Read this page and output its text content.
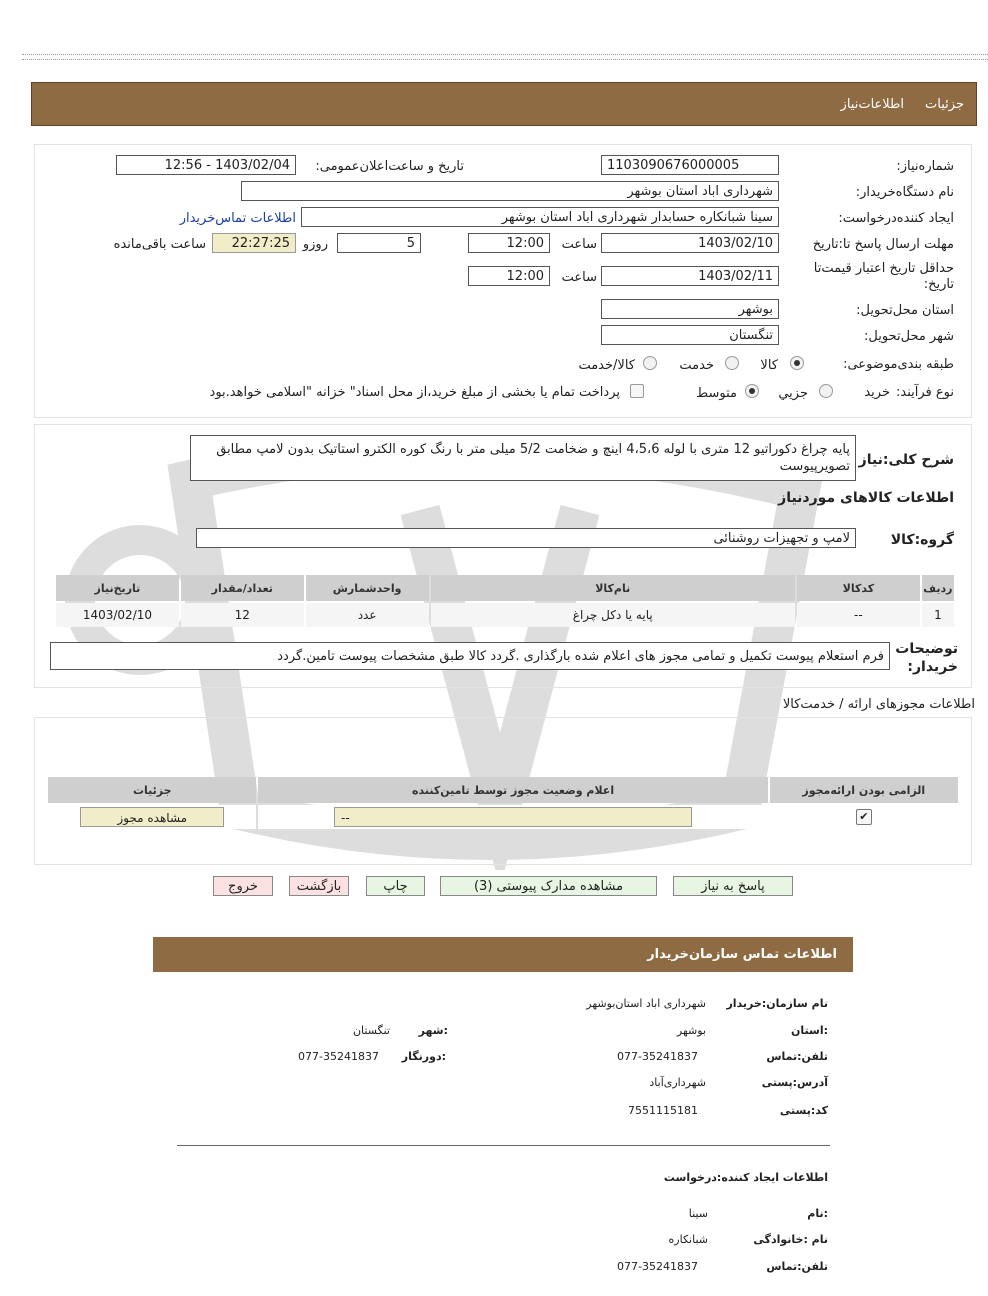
جزئیات
اطلاعات‌نیاز
شماره‌نیاز:
1103090676000005
تاریخ و ساعت‌اعلان‌عمومی:
1403/02/04 - 12:56
نام دستگاه‌خریدار:
شهرداری اباد استان بوشهر
ایجاد کننده‌درخواست:
سینا شبانکاره حسابدار شهرداری اباد استان بوشهر
اطلاعات تماس‌خریدار
مهلت ارسال پاسخ تا:تاریخ
1403/02/10
ساعت
12:00
5
روزو
22:27:25
ساعت باقی‌مانده
حداقل تاریخ اعتبار قیمت‌تا تاریخ:
1403/02/11
ساعت
12:00
استان محل‌تحویل:
بوشهر
شهر محل‌تحویل:
تنگستان
طبقه بندی‌موضوعی:
کالا
خدمت
کالا/خدمت
نوع فرآیند:
خرید
جزیي
متوسط
پرداخت تمام یا بخشی از مبلغ خرید،از محل اسناد" خزانه "اسلامی خواهد.بود
شرح کلی:نیاز
پایه چراغ دکوراتیو 12 متری با لوله 4،5،6 اینچ و ضخامت 5/2 میلی متر با رنگ کوره الکترو استاتیک بدون لامپ مطابق تصویرپیوست
اطلاعات کالاهای مورد‌نیاز
گروه:کالا
لامپ و تجهیزات روشنائی
ردیف	کدکالا	نام‌کالا	واحدشمارش	تعداد/مقدار	تاریخ‌نیاز
1	--	پایه یا دکل چراغ	عدد	12	1403/02/10
توضیحات خریدار:
فرم استعلام پیوست تکمیل و تمامی مجوز های اعلام شده بارگذاری .گردد کالا طبق مشخصات پیوست تامین.گردد
اطلاعات مجوزهای ارائه / خدمت‌کالا
الزامی بودن ارائه‌مجوز	اعلام وضعیت مجوز توسط تامین‌کننده	جزئیات
✔	--	مشاهده مجوز
پاسخ به نیاز
مشاهده مدارک پیوستی (3)
چاپ
بازگشت
خروج
اطلاعات تماس سازمان‌خریدار
نام سازمان:خریدار
شهرداری اباد استان‌بوشهر
:استان
بوشهر
:شهر
تنگستان
تلفن:تماس
077-35241837
:دورنگار
077-35241837
آدرس:پستی
شهرداری‌آباد
کد:پستی
7551115181
اطلاعات ایجاد کننده:درخواست
:نام
سینا
نام :خانوادگی
شبانکاره
تلفن:تماس
077-35241837
